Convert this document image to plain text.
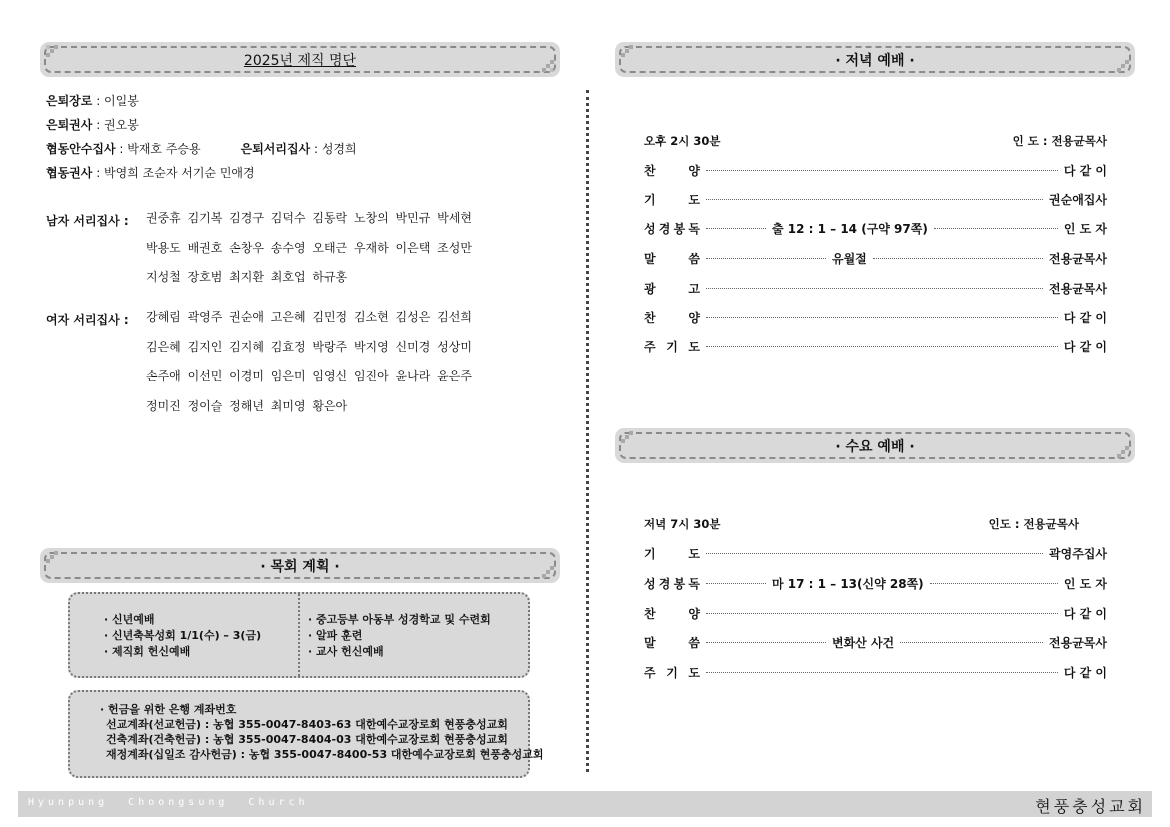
2025년 제직 명단
은퇴장로 : 이일봉
은퇴권사 : 권오봉
협동안수집사 : 박재호 주승용	은퇴서리집사 : 성경희
협동권사 : 박영희 조순자 서기순 민애경
남자 서리집사 :	권중휴 김기복 김경구 김덕수 김동락 노창의 박민규 박세현
박용도 배권호 손창우 송수영 오태근 우재하 이은택 조성만
지성철 장호범 최지환 최호업 하규홍
여자 서리집사 :	강혜림 곽영주 권순애 고은혜 김민정 김소현 김성은 김선희
김은혜 김지인 김지혜 김효정 박랑주 박지영 신미경 성상미
손주애 이선민 이경미 임은미 임영신 임진아 윤나라 윤은주
정미진 정이슬 정해년 최미영 황은아
· 목회 계획 ·
· 신년예배
· 신년축복성회 1/1(수) – 3(금)
· 제직회 헌신예배
· 중고등부 아동부 성경학교 및 수련회
· 알파 훈련
· 교사 헌신예배
· 헌금을 위한 은행 계좌번호
선교계좌(선교헌금) : 농협 355-0047-8403-63 대한예수교장로회 현풍충성교회
건축계좌(건축헌금) : 농협 355-0047-8404-03 대한예수교장로회 현풍충성교회
재정계좌(십일조 감사헌금) : 농협 355-0047-8400-53 대한예수교장로회 현풍충성교회
· 저녁 예배 ·
오후 2시 30분	인 도 : 전용균목사
찬	양	다 같 이
기	도	권순애집사
성 경 봉 독	출 12 : 1 – 14 (구약 97쪽)	인 도 자
말	씀	유월절	전용균목사
광	고	전용균목사
찬	양	다 같 이
주 기 도	다 같 이
· 수요 예배 ·
저녁 7시 30분	인도 : 전용균목사
기	도	곽영주집사
성 경 봉 독	마 17 : 1 – 13(신약 28쪽)	인 도 자
찬	양	다 같 이
말	씀	변화산 사건	전용균목사
주 기 도	다 같 이
Hyunpung Choongsung Church	현풍충성교회
